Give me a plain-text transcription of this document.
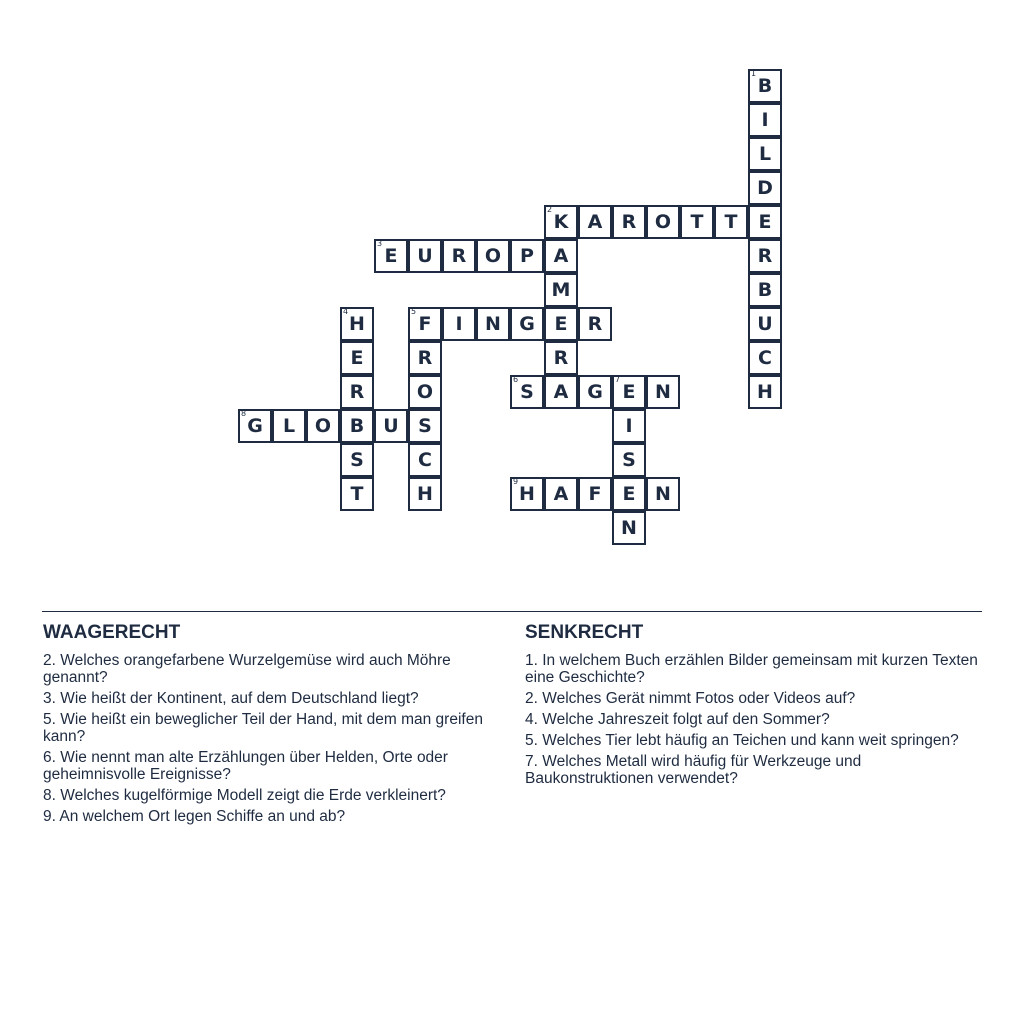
B
1
I
L
D
E
R
B
U
C
H
K
2
A	R O	T	T
A
M
E
R
A
E
3
U R O P
H
4
E
R
B
S
T
F
5
I	N G	R
R
O
S
C
H
S
6
G	E
7
N
I
S
E
N
G
8
L	O	U
H
9
A	F	N
WAAGERECHT
2. Welches orangefarbene Wurzelgemüse wird auch Möhre genannt?
3. Wie heißt der Kontinent, auf dem Deutschland liegt?
5. Wie heißt ein beweglicher Teil der Hand, mit dem man greifen kann?
6. Wie nennt man alte Erzählungen über Helden, Orte oder geheimnisvolle Ereignisse?
8. Welches kugelförmige Modell zeigt die Erde verkleinert?
9. An welchem Ort legen Schiffe an und ab?
SENKRECHT
1. In welchem Buch erzählen Bilder gemeinsam mit kurzen Texten eine Geschichte?
2. Welches Gerät nimmt Fotos oder Videos auf?
4. Welche Jahreszeit folgt auf den Sommer?
5. Welches Tier lebt häufig an Teichen und kann weit springen?
7. Welches Metall wird häufig für Werkzeuge und Baukonstruktionen verwendet?
